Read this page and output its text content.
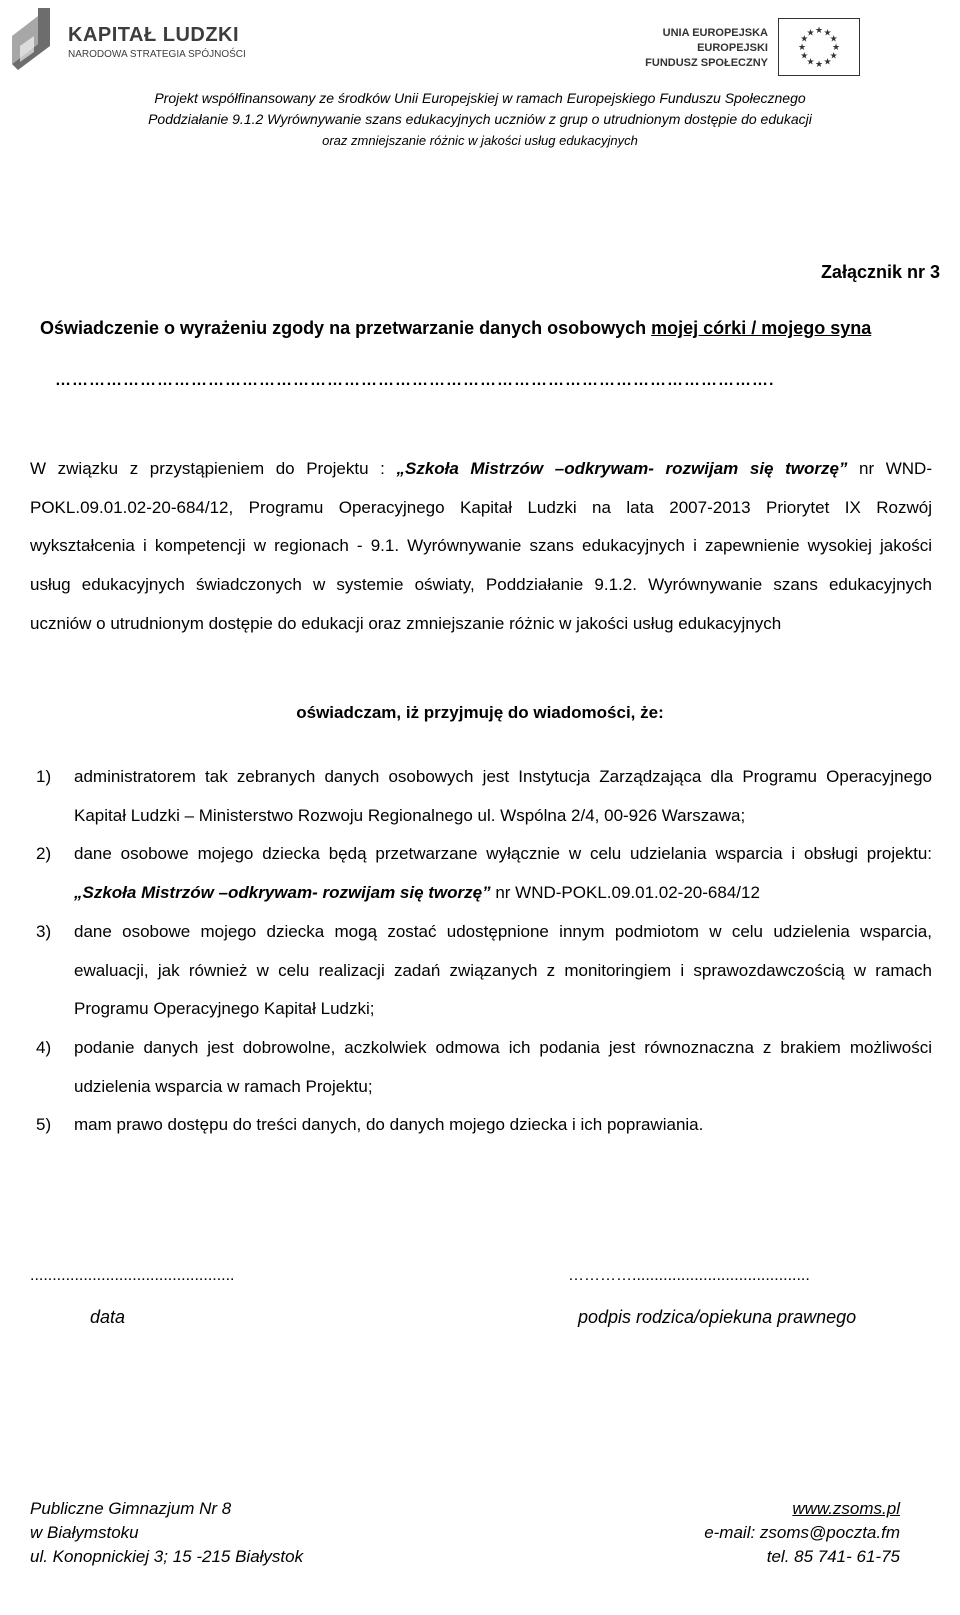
KAPITAŁ LUDZKI
NARODOWA STRATEGIA SPÓJNOŚCI
UNIA EUROPEJSKA
EUROPEJSKI
FUNDUSZ SPOŁECZNY
★ ★
★
★
★
★
★
★
★
★
★
★
Projekt współfinansowany ze środków Unii Europejskiej w ramach Europejskiego Funduszu Społecznego
Poddziałanie 9.1.2 Wyrównywanie szans edukacyjnych uczniów z grup o utrudnionym dostępie do edukacji
oraz zmniejszanie różnic w jakości usług edukacyjnych
Załącznik nr 3
Oświadczenie o wyrażeniu zgody na przetwarzanie danych osobowych mojej córki / mojego syna
……………………………………………………………………………………………………………….
W związku z przystąpieniem do Projektu : „Szkoła Mistrzów –odkrywam- rozwijam się tworzę” nr WND-POKL.09.01.02-20-684/12, Programu Operacyjnego Kapitał Ludzki na lata 2007-2013 Priorytet IX Rozwój wykształcenia i kompetencji w regionach - 9.1. Wyrównywanie szans edukacyjnych i zapewnienie wysokiej jakości usług edukacyjnych świadczonych w systemie oświaty, Poddziałanie 9.1.2. Wyrównywanie szans edukacyjnych uczniów o utrudnionym dostępie do edukacji oraz zmniejszanie różnic w jakości usług edukacyjnych
oświadczam, iż przyjmuję do wiadomości, że:
1) administratorem tak zebranych danych osobowych jest Instytucja Zarządzająca dla Programu Operacyjnego Kapitał Ludzki – Ministerstwo Rozwoju Regionalnego ul. Wspólna 2/4, 00-926 Warszawa;
2) dane osobowe mojego dziecka będą przetwarzane wyłącznie w celu udzielania wsparcia i obsługi projektu: „Szkoła Mistrzów –odkrywam- rozwijam się tworzę” nr WND-POKL.09.01.02-20-684/12
3) dane osobowe mojego dziecka mogą zostać udostępnione innym podmiotom w celu udzielenia wsparcia, ewaluacji, jak również w celu realizacji zadań związanych z monitoringiem i sprawozdawczością w ramach Programu Operacyjnego Kapitał Ludzki;
4) podanie danych jest dobrowolne, aczkolwiek odmowa ich podania jest równoznaczna z brakiem możliwości udzielenia wsparcia w ramach Projektu;
5) mam prawo dostępu do treści danych, do danych mojego dziecka i ich poprawiania.
..............................................	…………........................................
data	podpis rodzica/opiekuna prawnego
Publiczne Gimnazjum Nr 8
w Białymstoku
ul. Konopnickiej 3; 15 -215 Białystok
www.zsoms.pl
e-mail: zsoms@poczta.fm
tel. 85 741- 61-75
